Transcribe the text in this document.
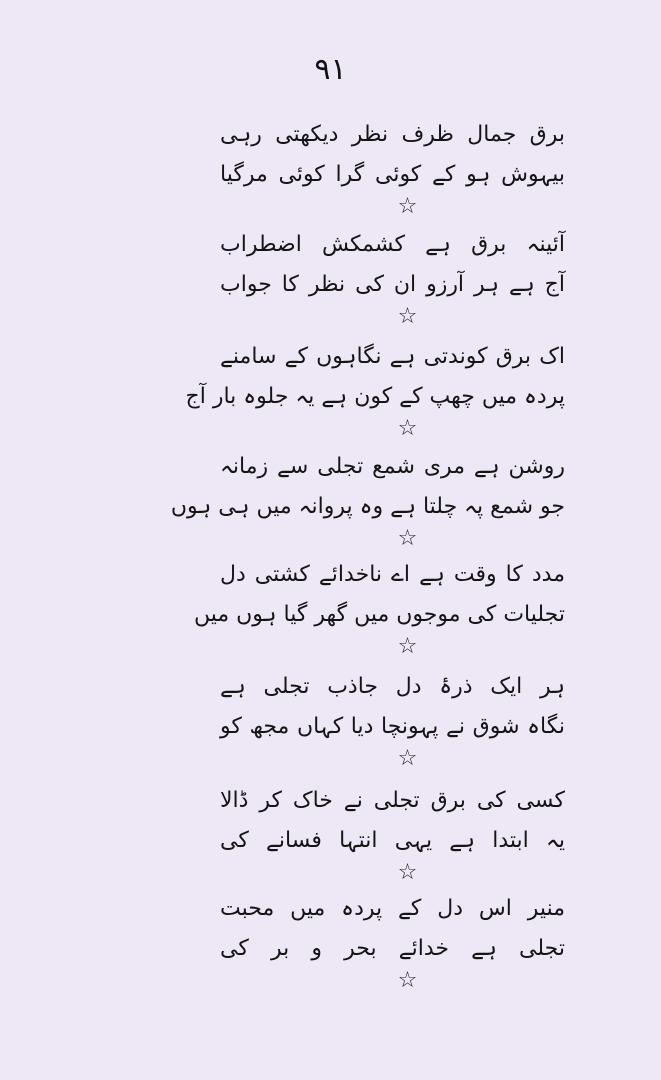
۹۱
برق جمال ظرف نظر دیکھتی رہی
بیہوش ہو کے کوئی گرا کوئی مرگیا
☆
آئینہ برق ہے کشمکش اضطراب
آج ہے ہر آرزو ان کی نظر کا جواب
☆
اک برق کوندتی ہے نگاہوں کے سامنے
پردہ میں چھپ کے کون ہے یہ جلوہ بار آج
☆
روشن ہے مری شمع تجلی سے زمانہ
جو شمع پہ چلتا ہے وہ پروانہ میں ہی ہوں
☆
مدد کا وقت ہے اے ناخدائے کشتی دل
تجلیات کی موجوں میں گھر گیا ہوں میں
☆
ہر ایک ذرۂ دل جاذب تجلی ہے
نگاہ شوق نے پہونچا دیا کہاں مجھ کو
☆
کسی کی برق تجلی نے خاک کر ڈالا
یہ ابتدا ہے یہی انتہا فسانے کی
☆
منیر اس دل کے پردہ میں محبت
تجلی ہے خدائے بحر و بر کی
☆
